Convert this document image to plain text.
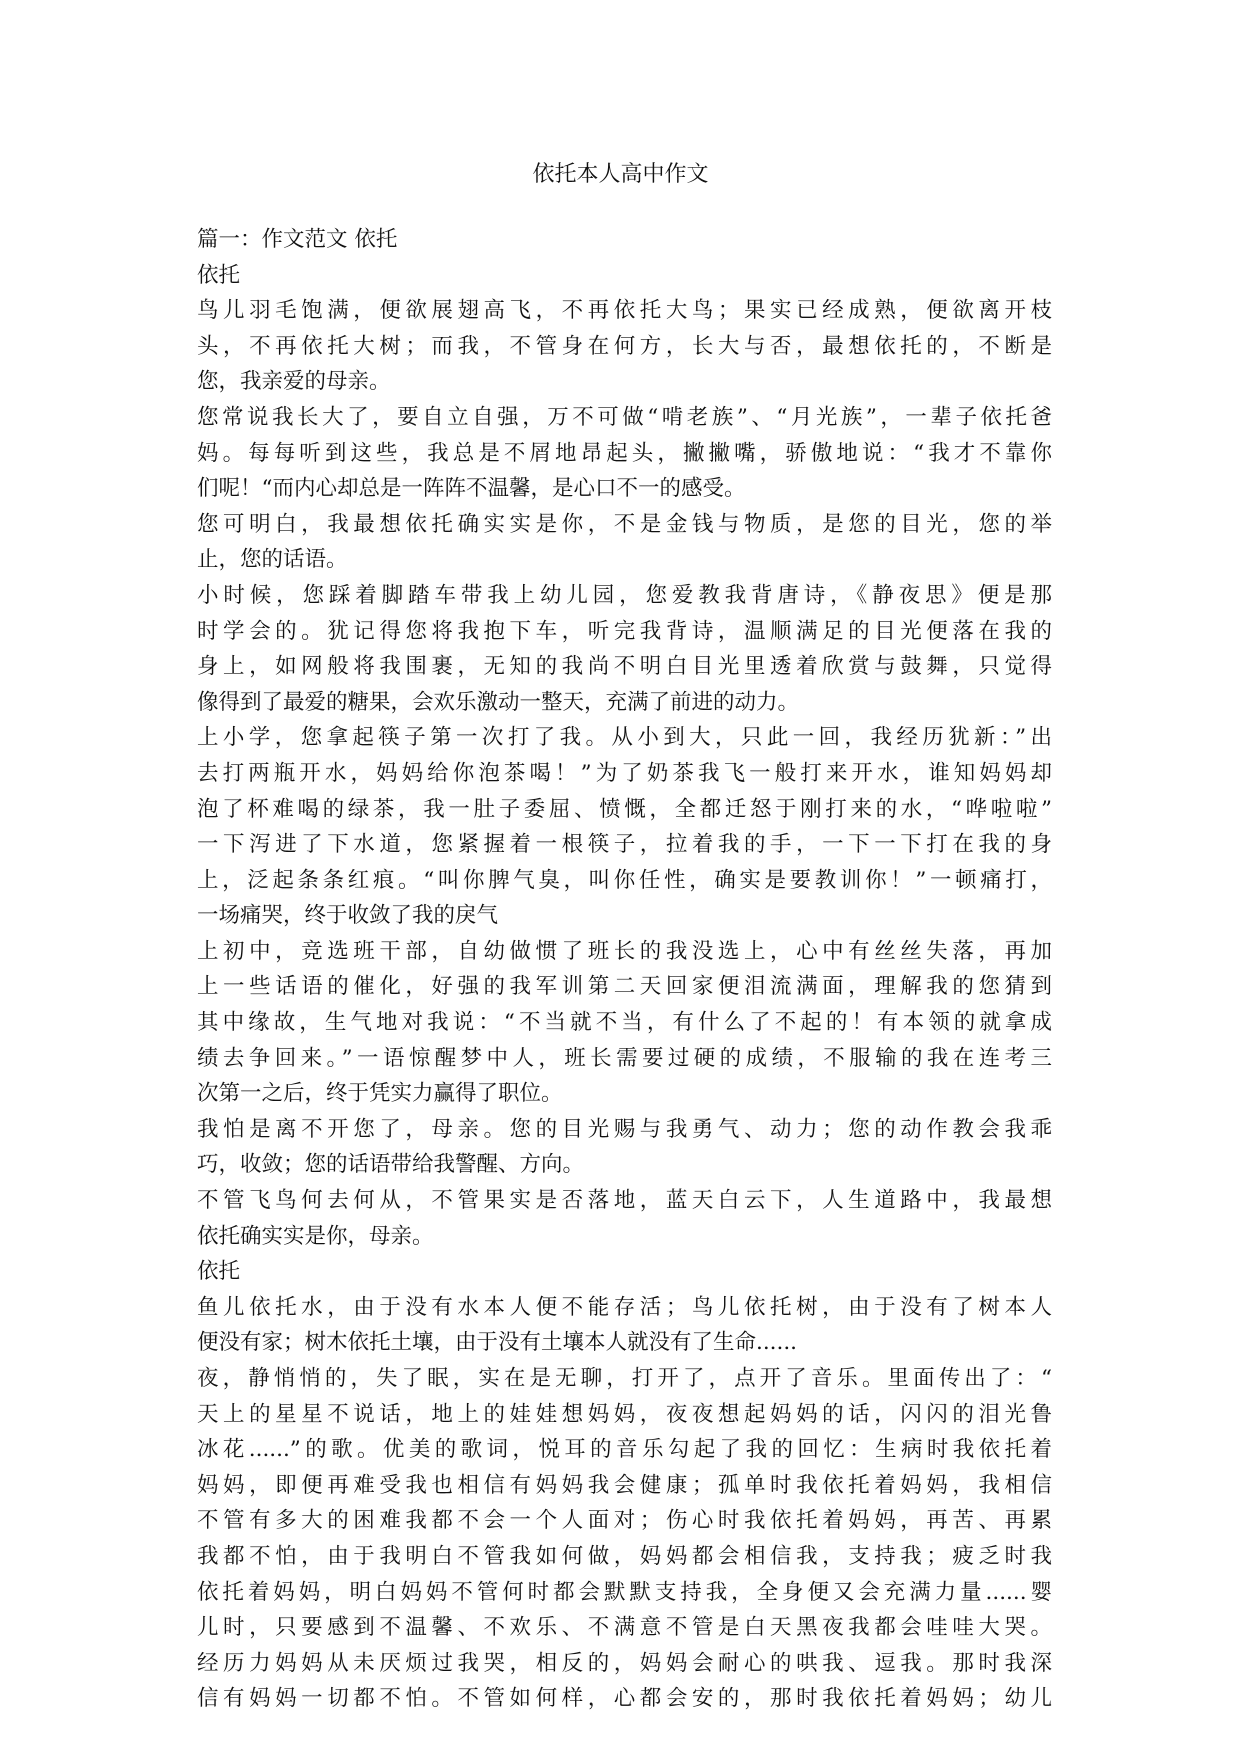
依托本人高中作文

篇一：作文范文 依托

依托

鸟儿羽毛饱满，便欲展翅高飞，不再依托大鸟；果实已经成熟，便欲离开枝

头，不再依托大树；而我，不管身在何方，长大与否，最想依托的，不断是

您，我亲爱的母亲。

您常说我长大了，要自立自强，万不可做“啃老族”、“月光族”，一辈子依托爸

妈。每每听到这些，我总是不屑地昂起头，撇撇嘴，骄傲地说：“我才不靠你

们呢！“而内心却总是一阵阵不温馨，是心口不一的感受。

您可明白，我最想依托确实实是你，不是金钱与物质，是您的目光，您的举

止，您的话语。

小时候，您踩着脚踏车带我上幼儿园，您爱教我背唐诗，《静夜思》便是那

时学会的。犹记得您将我抱下车，听完我背诗，温顺满足的目光便落在我的

身上，如网般将我围裹，无知的我尚不明白目光里透着欣赏与鼓舞，只觉得

像得到了最爱的糖果，会欢乐激动一整天，充满了前进的动力。

上小学，您拿起筷子第一次打了我。从小到大，只此一回，我经历犹新：”出

去打两瓶开水，妈妈给你泡茶喝！”为了奶茶我飞一般打来开水，谁知妈妈却

泡了杯难喝的绿茶，我一肚子委屈、愤慨，全都迁怒于刚打来的水，“哗啦啦”

一下泻进了下水道，您紧握着一根筷子，拉着我的手，一下一下打在我的身

上，泛起条条红痕。“叫你脾气臭，叫你任性，确实是要教训你！”一顿痛打，

一场痛哭，终于收敛了我的戾气

上初中，竞选班干部，自幼做惯了班长的我没选上，心中有丝丝失落，再加

上一些话语的催化，好强的我军训第二天回家便泪流满面，理解我的您猜到

其中缘故，生气地对我说：“不当就不当，有什么了不起的！有本领的就拿成

绩去争回来。”一语惊醒梦中人，班长需要过硬的成绩，不服输的我在连考三

次第一之后，终于凭实力赢得了职位。

我怕是离不开您了，母亲。您的目光赐与我勇气、动力；您的动作教会我乖

巧，收敛；您的话语带给我警醒、方向。

不管飞鸟何去何从，不管果实是否落地，蓝天白云下，人生道路中，我最想

依托确实实是你，母亲。

依托

鱼儿依托水，由于没有水本人便不能存活；鸟儿依托树，由于没有了树本人

便没有家；树木依托土壤，由于没有土壤本人就没有了生命......

夜，静悄悄的，失了眠，实在是无聊，打开了，点开了音乐。里面传出了：“

天上的星星不说话，地上的娃娃想妈妈，夜夜想起妈妈的话，闪闪的泪光鲁

冰花......”的歌。优美的歌词，悦耳的音乐勾起了我的回忆：生病时我依托着

妈妈，即便再难受我也相信有妈妈我会健康；孤单时我依托着妈妈，我相信

不管有多大的困难我都不会一个人面对；伤心时我依托着妈妈，再苦、再累

我都不怕，由于我明白不管我如何做，妈妈都会相信我，支持我；疲乏时我

依托着妈妈，明白妈妈不管何时都会默默支持我，全身便又会充满力量......婴

儿时，只要感到不温馨、不欢乐、不满意不管是白天黑夜我都会哇哇大哭。

经历力妈妈从未厌烦过我哭，相反的，妈妈会耐心的哄我、逗我。那时我深

信有妈妈一切都不怕。不管如何样，心都会安的，那时我依托着妈妈；幼儿
